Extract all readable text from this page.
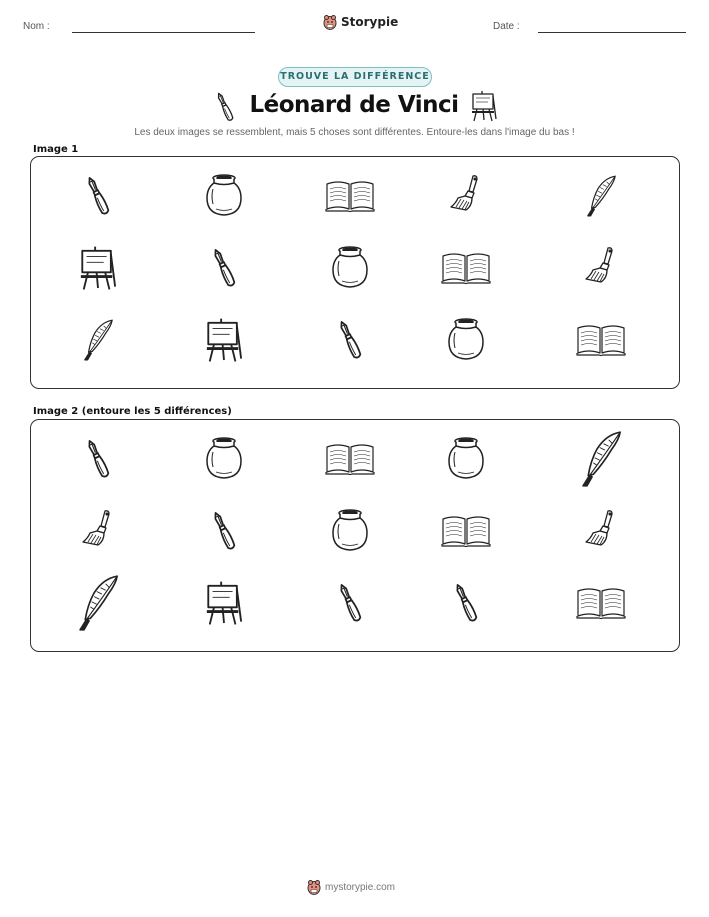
Nom :	Storypie	Date :
TROUVE LA DIFFÉRENCE
Léonard de Vinci
Les deux images se ressemblent, mais 5 choses sont différentes. Entoure-les dans l'image du bas !
Image 1
Image 2 (entoure les 5 différences)
mystorypie.com
